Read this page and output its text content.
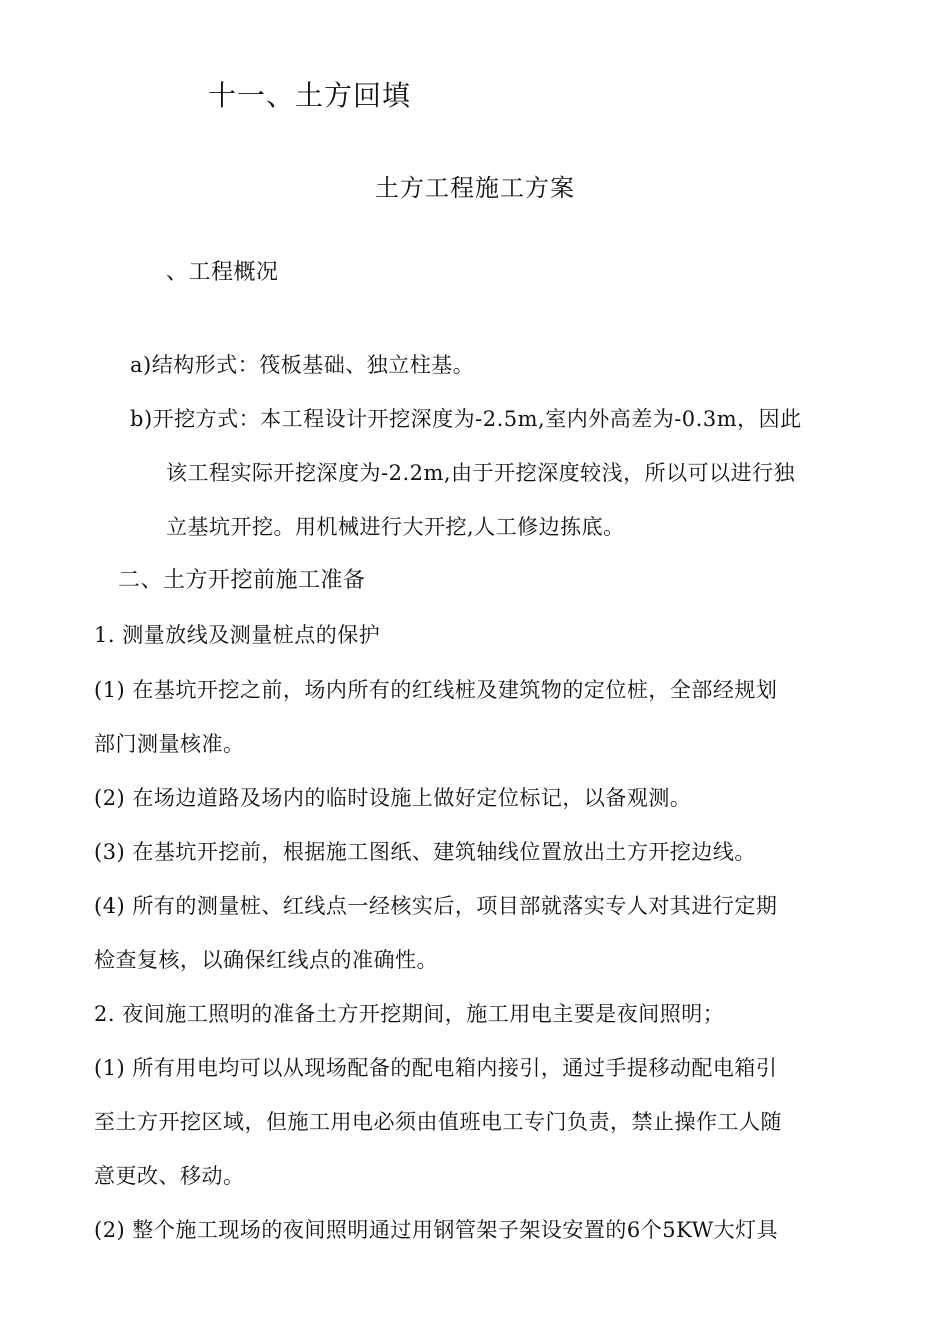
十一、土方回填
土方工程施工方案
、工程概况
a)结构形式：筏板基础、独立柱基。
b)开挖方式：本工程设计开挖深度为-2.5m,室内外高差为-0.3m，因此
该工程实际开挖深度为-2.2m,由于开挖深度较浅，所以可以进行独
立基坑开挖。用机械进行大开挖,人工修边拣底。
二、土方开挖前施工准备
1. 测量放线及测量桩点的保护
(1) 在基坑开挖之前，场内所有的红线桩及建筑物的定位桩，全部经规划
部门测量核准。
(2) 在场边道路及场内的临时设施上做好定位标记，以备观测。
(3) 在基坑开挖前，根据施工图纸、建筑轴线位置放出土方开挖边线。
(4) 所有的测量桩、红线点一经核实后，项目部就落实专人对其进行定期
检查复核，以确保红线点的准确性。
2. 夜间施工照明的准备土方开挖期间，施工用电主要是夜间照明；
(1) 所有用电均可以从现场配备的配电箱内接引，通过手提移动配电箱引
至土方开挖区域，但施工用电必须由值班电工专门负责，禁止操作工人随
意更改、移动。
(2) 整个施工现场的夜间照明通过用钢管架子架设安置的6个5KW大灯具
